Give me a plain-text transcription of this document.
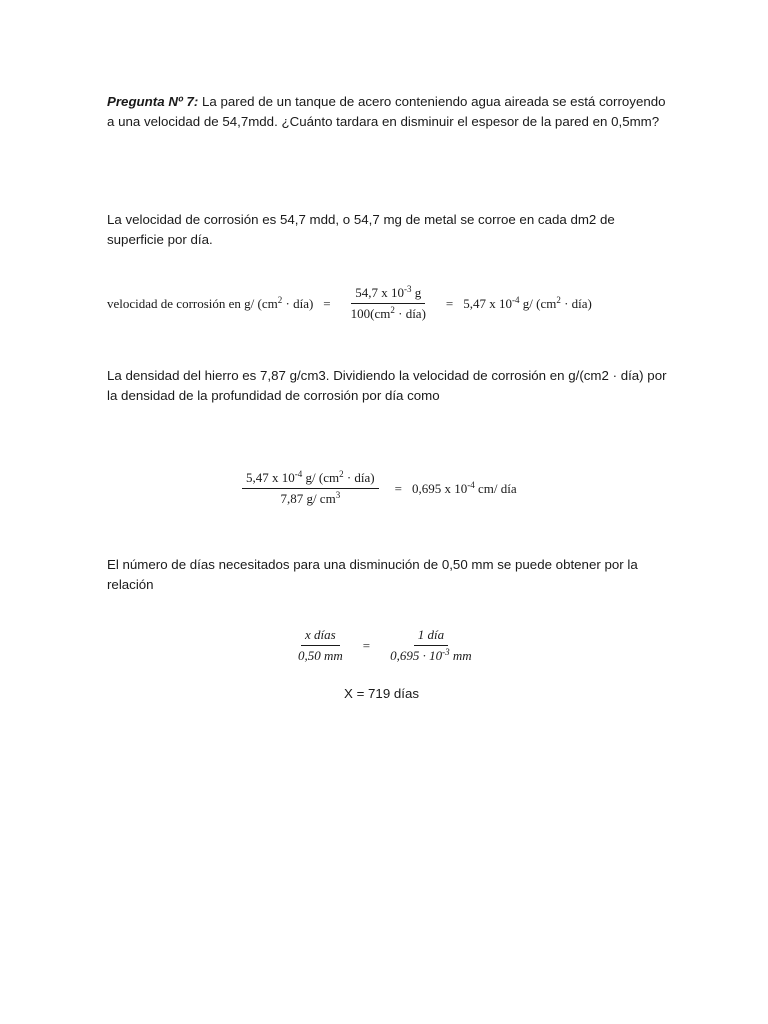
Pregunta Nº 7: La pared de un tanque de acero conteniendo agua aireada se está corroyendo a una velocidad de 54,7mdd. ¿Cuánto tardara en disminuir el espesor de la pared en 0,5mm?

La velocidad de corrosión es 54,7 mdd, o 54,7 mg de metal se corroe en cada dm2 de superficie por día.

velocidad de corrosión en g/ ($cm^2$ · día) = $\frac{54,7 x 10^{-3} g}{100(cm^2 \cdot día)} = 5,47$ x $10^{-4}$ g/ ($cm^2$ · día)

La densidad del hierro es 7,87 g/cm3. Dividiendo la velocidad de corrosión en g/(cm2 · día) por la densidad de la profundidad de corrosión por día como

$\frac{5,47 x 10^{-4} g/ (cm^2 \cdot día)}{7,87 g/ cm^3} = 0,695$ x $10^{-4}$ cm/ día

El número de días necesitados para una disminución de 0,50 mm se puede obtener por la relación

$\frac{\text{x días}}{0,50 mm} = \frac{\text{1 día}}{0,695 \cdot 10^{-3} mm}$
X = 719 días
